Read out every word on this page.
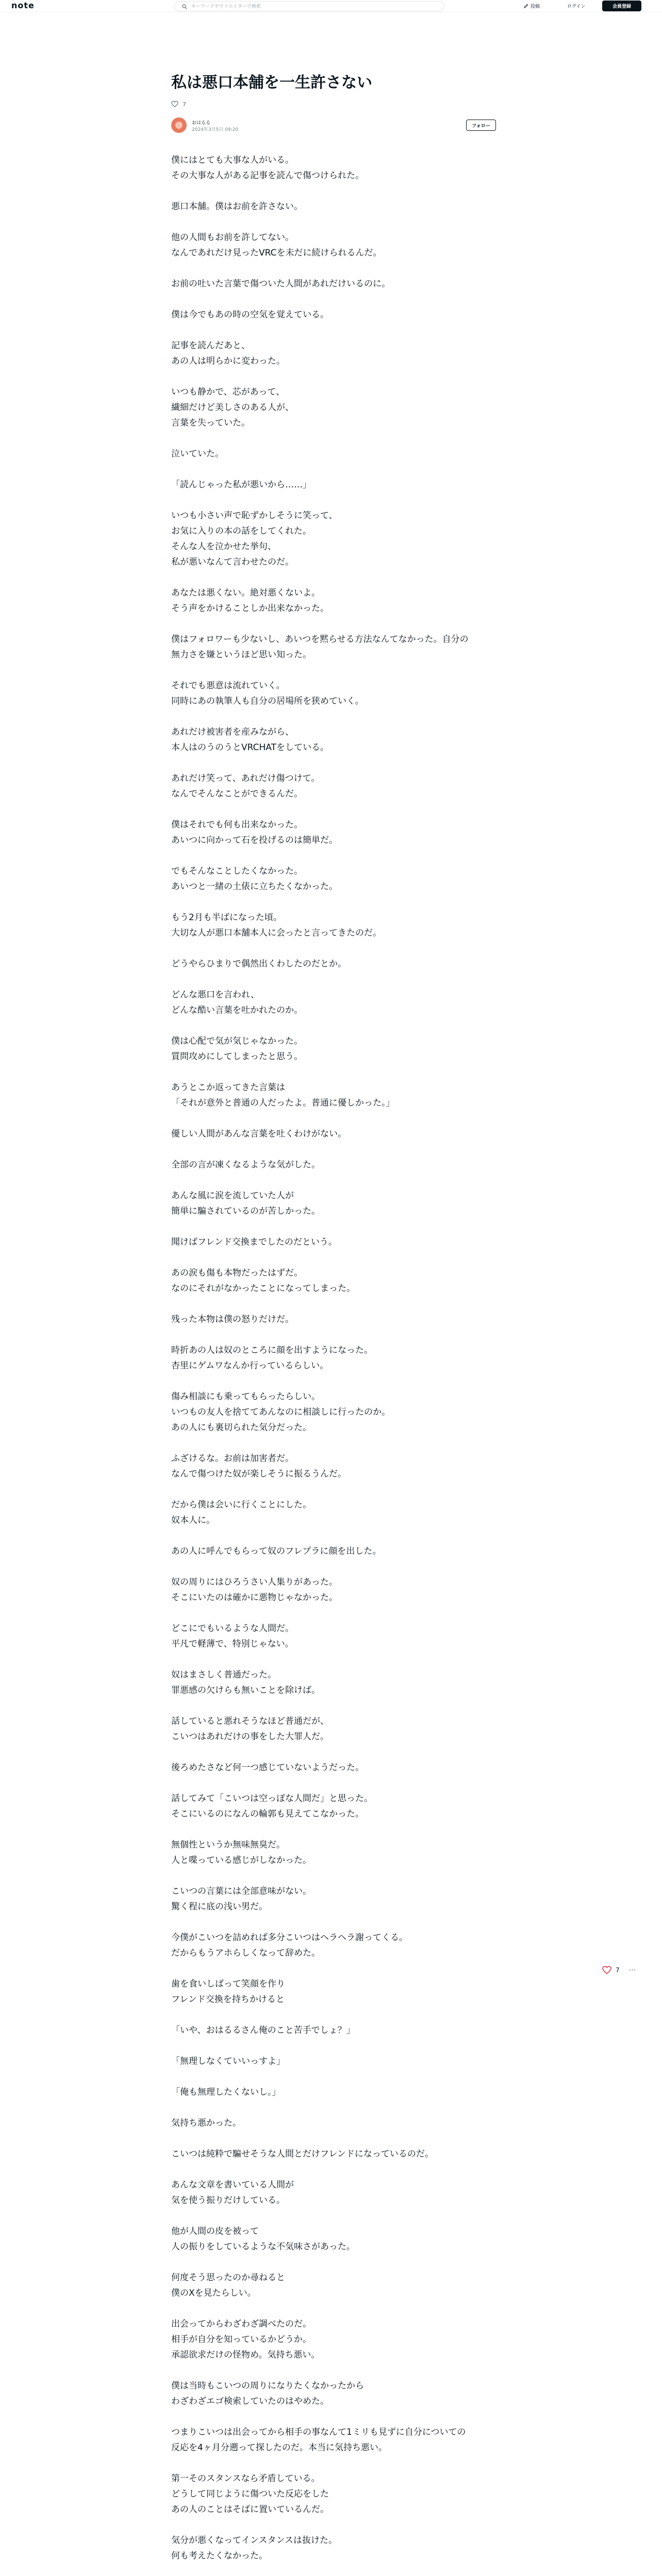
note
キーワードやクリエイターで検索	投稿	ログイン	会員登録
私は悪口本舗を一生許さない
7
おはるる
2024年3月5日 09:20
フォロー

僕にはとても大事な人がいる。
その大事な人がある記事を読んで傷つけられた。

悪口本舗。僕はお前を許さない。

他の人間もお前を許してない。
なんであれだけ見ったVRCを未だに続けられるんだ。

お前の吐いた言葉で傷ついた人間があれだけいるのに。

僕は今でもあの時の空気を覚えている。

記事を読んだあと、
あの人は明らかに変わった。

いつも静かで、芯があって、
繊細だけど美しさのある人が、
言葉を失っていた。

泣いていた。

「読んじゃった私が悪いから……」

いつも小さい声で恥ずかしそうに笑って、
お気に入りの本の話をしてくれた。
そんな人を泣かせた挙句、
私が悪いなんて言わせたのだ。

あなたは悪くない。絶対悪くないよ。
そう声をかけることしか出来なかった。

僕はフォロワーも少ないし、あいつを黙らせる方法なんてなかった。自分の
無力さを嫌というほど思い知った。

それでも悪意は流れていく。
同時にあの執筆人も自分の居場所を狭めていく。

あれだけ被害者を産みながら、
本人はのうのうとVRCHATをしている。

あれだけ笑って、あれだけ傷つけて。
なんでそんなことができるんだ。

僕はそれでも何も出来なかった。
あいつに向かって石を投げるのは簡単だ。

でもそんなことしたくなかった。
あいつと一緒の土俵に立ちたくなかった。

もう2月も半ばになった頃。
大切な人が悪口本舗本人に会ったと言ってきたのだ。

どうやらひまりで偶然出くわしたのだとか。

どんな悪口を言われ、
どんな酷い言葉を吐かれたのか。

僕は心配で気が気じゃなかった。
質問攻めにしてしまったと思う。

あうとこか返ってきた言葉は
「それが意外と普通の人だったよ。普通に優しかった。」

優しい人間があんな言葉を吐くわけがない。

全部の言が凍くなるような気がした。

あんな風に涙を流していた人が
簡単に騙されているのが苦しかった。

聞けばフレンド交換までしたのだという。

あの涙も傷も本物だったはずだ。
なのにそれがなかったことになってしまった。

残った本物は僕の怒りだけだ。

時折あの人は奴のところに顔を出すようになった。
杏里にゲムワなんか行っているらしい。

傷み相談にも乗ってもらったらしい。
いつもの友人を捨ててあんなのに相談しに行ったのか。
あの人にも裏切られた気分だった。

ふざけるな。お前は加害者だ。
なんで傷つけた奴が楽しそうに振るうんだ。

だから僕は会いに行くことにした。
奴本人に。

あの人に呼んでもらって奴のフレプラに顔を出した。

奴の周りにはひろうさい人集りがあった。
そこにいたのは確かに悪物じゃなかった。

どこにでもいるような人間だ。
平凡で軽薄で、特別じゃない。

奴はまさしく普通だった。
罪悪感の欠けらも無いことを除けば。

話していると悪れそうなほど普通だが、
こいつはあれだけの事をした大罪人だ。

後ろめたさなど何一つ感じていないようだった。

話してみて「こいつは空っぽな人間だ」と思った。
そこにいるのになんの輪郭も見えてこなかった。

無個性というか無味無臭だ。
人と喋っている感じがしなかった。

こいつの言葉には全部意味がない。
驚く程に底の浅い男だ。

今僕がこいつを詰めれば多分こいつはヘラヘラ謝ってくる。
だからもうアホらしくなって辞めた。

歯を食いしばって笑顔を作り
フレンド交換を持ちかけると

「いや、おはるるさん俺のこと苦手でしょ？」

「無理しなくていいっすよ」

「俺も無理したくないし。」

気持ち悪かった。

こいつは純粋で騙せそうな人間とだけフレンドになっているのだ。

あんな文章を書いている人間が
気を使う振りだけしている。

他が人間の皮を被って
人の振りをしているような不気味さがあった。

何度そう思ったのか尋ねると
僕のXを見たらしい。

出会ってからわざわざ調べたのだ。
相手が自分を知っているかどうか。
承認欲求だけの怪物め。気持ち悪い。

僕は当時もこいつの周りになりたくなかったから
わざわざエゴ検索していたのはやめた。

つまりこいつは出会ってから相手の事なんて1ミリも見ずに自分についての
反応を4ヶ月分遡って探したのだ。本当に気持ち悪い。

第一そのスタンスなら矛盾している。
どうして同じように傷ついた反応をした
あの人のことはそばに置いているんだ。

気分が悪くなってインスタンスは抜けた。
何も考えたくなかった。

7 ⋯
